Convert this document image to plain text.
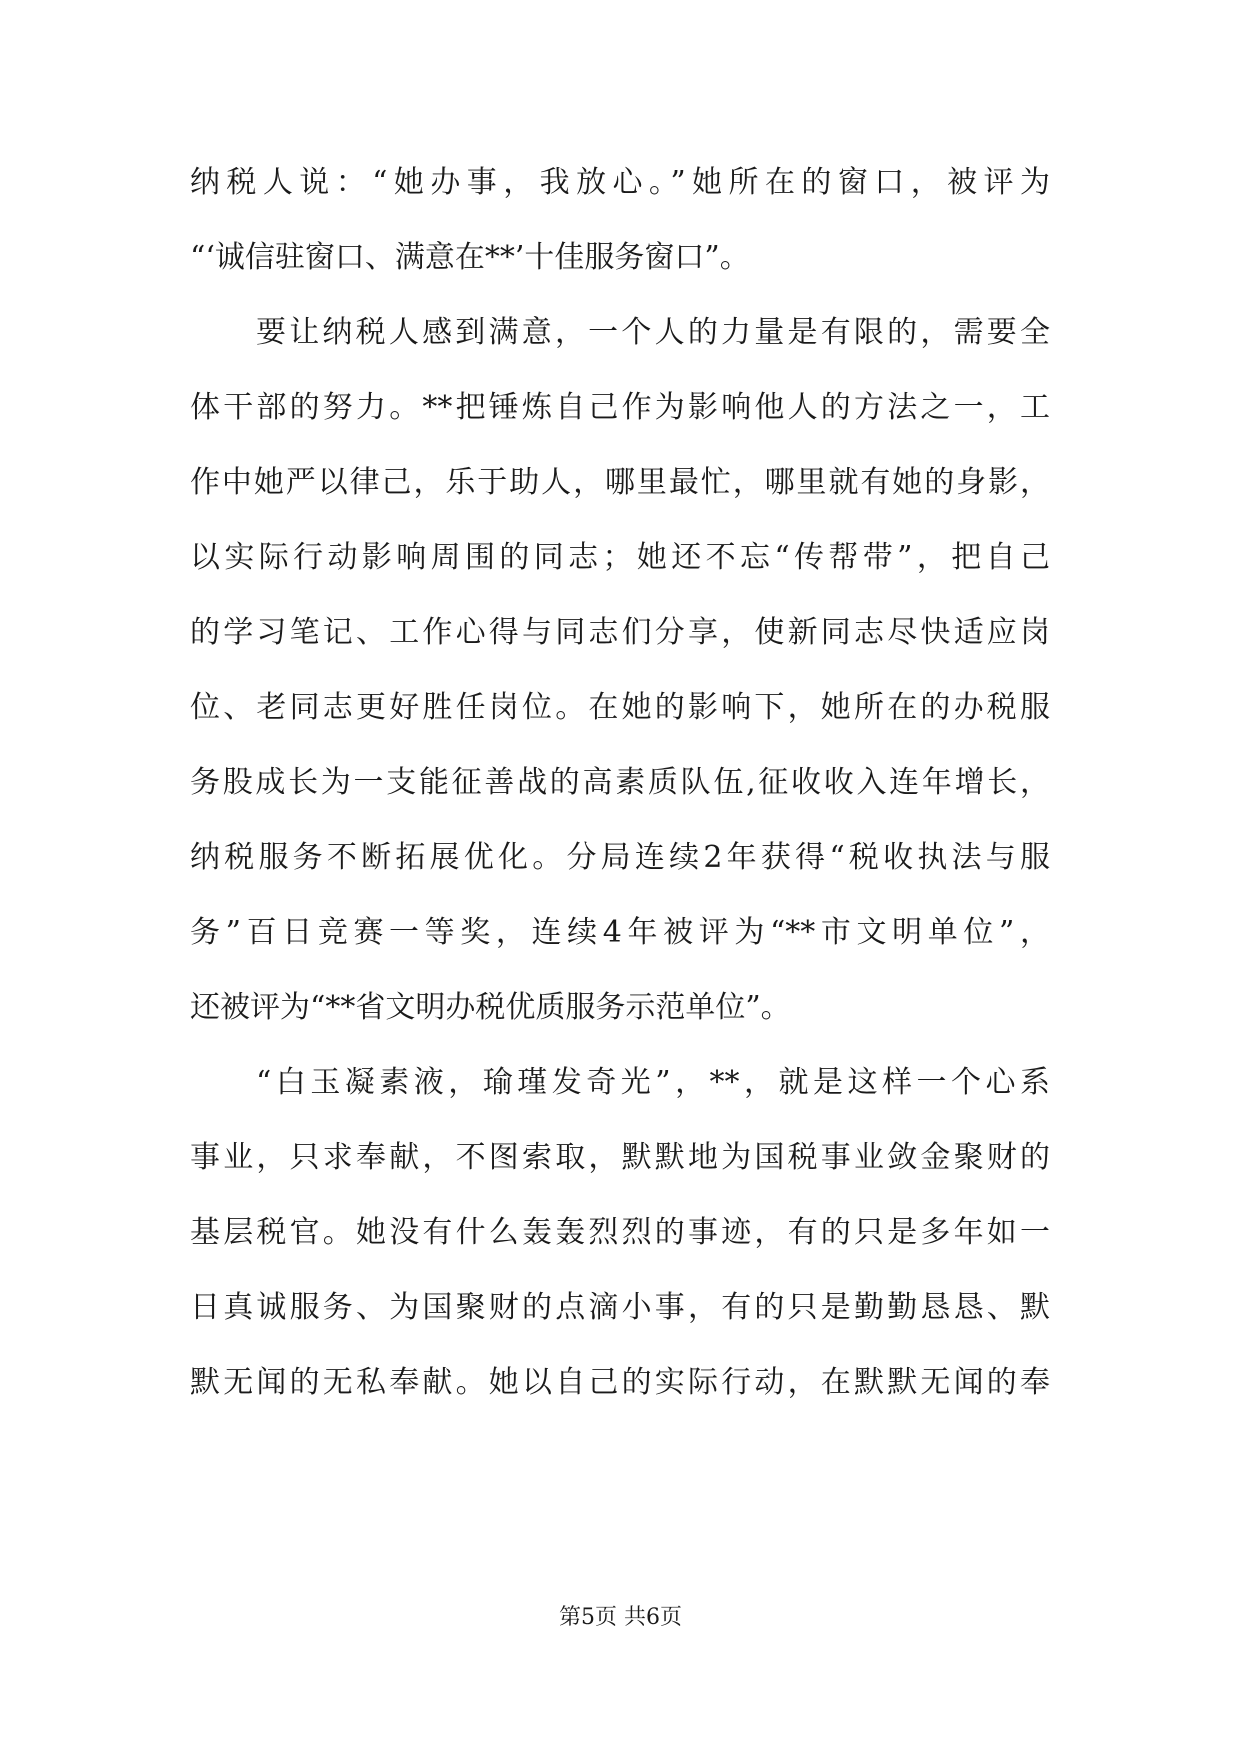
纳税人说：“她办事，我放心。”她所在的窗口，被评为
“‘诚信驻窗口、满意在**’十佳服务窗口”。
要让纳税人感到满意，一个人的力量是有限的，需要全
体干部的努力。**把锤炼自己作为影响他人的方法之一，工
作中她严以律己，乐于助人，哪里最忙，哪里就有她的身影，
以实际行动影响周围的同志；她还不忘“传帮带”，把自己
的学习笔记、工作心得与同志们分享，使新同志尽快适应岗
位、老同志更好胜任岗位。在她的影响下，她所在的办税服
务股成长为一支能征善战的高素质队伍,征收收入连年增长，
纳税服务不断拓展优化。分局连续2年获得“税收执法与服
务”百日竞赛一等奖，连续4年被评为“**市文明单位”，
还被评为“**省文明办税优质服务示范单位”。
“白玉凝素液，瑜瑾发奇光”，**，就是这样一个心系
事业，只求奉献，不图索取，默默地为国税事业敛金聚财的
基层税官。她没有什么轰轰烈烈的事迹，有的只是多年如一
日真诚服务、为国聚财的点滴小事，有的只是勤勤恳恳、默
默无闻的无私奉献。她以自己的实际行动，在默默无闻的奉
第5页 共6页
